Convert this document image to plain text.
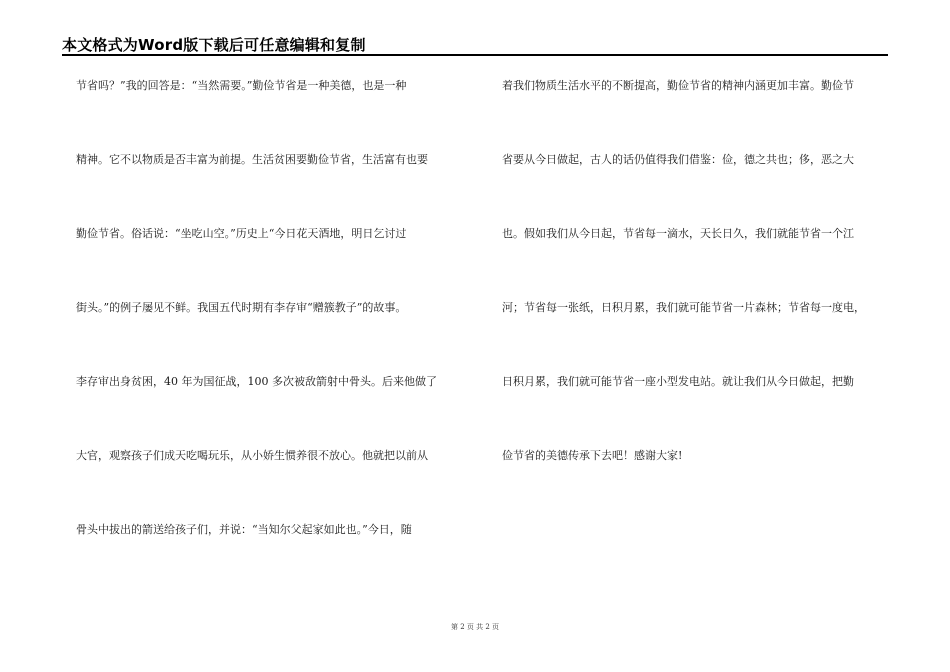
本文格式为Word版下载后可任意编辑和复制
节省吗？”我的回答是：“当然需要。”勤俭节省是一种美德，也是一种
精神。它不以物质是否丰富为前提。生活贫困要勤俭节省，生活富有也要
勤俭节省。俗话说：“坐吃山空。”历史上“今日花天酒地，明日乞讨过
街头。”的例子屡见不鲜。我国五代时期有李存审“赠簇教子”的故事。
李存审出身贫困，40 年为国征战，100 多次被敌箭射中骨头。后来他做了
大官，观察孩子们成天吃喝玩乐，从小娇生惯养很不放心。他就把以前从
骨头中拔出的箭送给孩子们，并说：“当知尔父起家如此也。”今日，随
着我们物质生活水平的不断提高，勤俭节省的精神内涵更加丰富。勤俭节
省要从今日做起，古人的话仍值得我们借鉴：俭，德之共也；侈，恶之大
也。假如我们从今日起，节省每一滴水，天长日久，我们就能节省一个江
河；节省每一张纸，日积月累，我们就可能节省一片森林；节省每一度电，
日积月累，我们就可能节省一座小型发电站。就让我们从今日做起，把勤
俭节省的美德传承下去吧！感谢大家!
第 2 页 共 2 页
